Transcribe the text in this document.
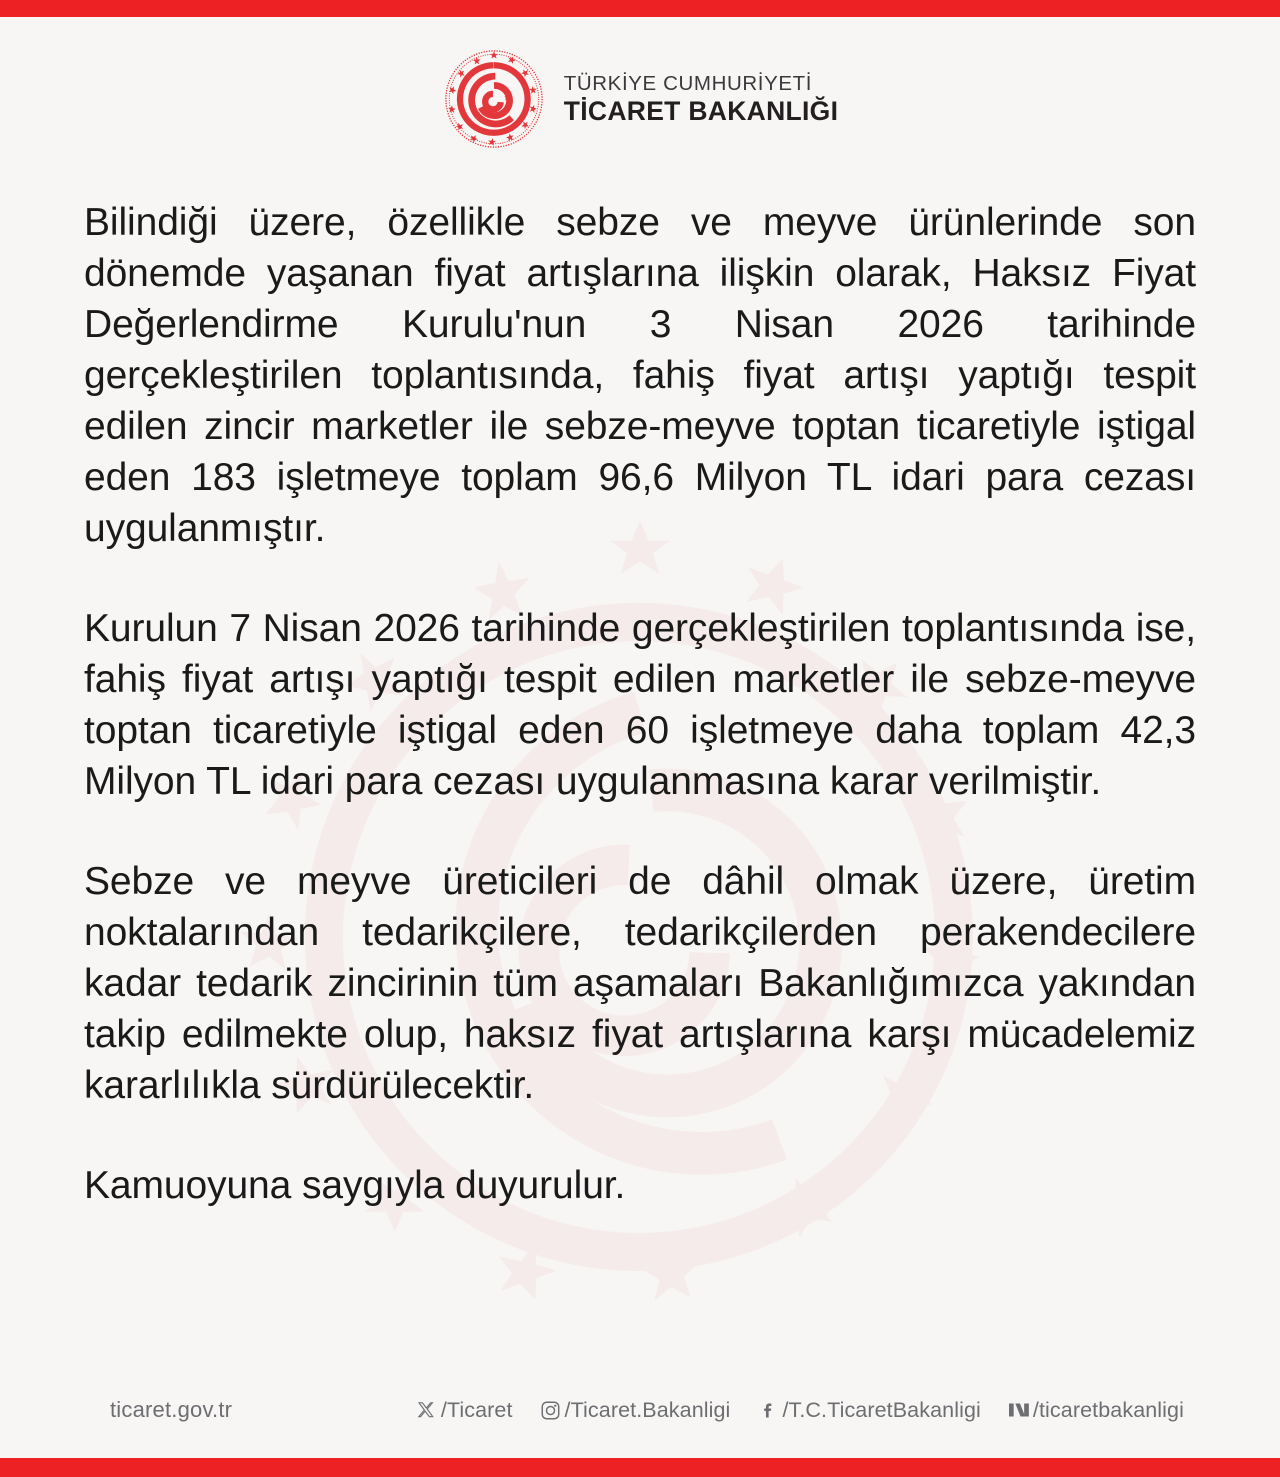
TÜRKİYE CUMHURİYETİ
TİCARET BAKANLIĞI

Bilindiği üzere, özellikle sebze ve meyve ürünlerinde son dönemde yaşanan fiyat artışlarına ilişkin olarak, Haksız Fiyat Değerlendirme Kurulu'nun 3 Nisan 2026 tarihinde gerçekleştirilen toplantısında, fahiş fiyat artışı yaptığı tespit edilen zincir marketler ile sebze-meyve toptan ticaretiyle iştigal eden 183 işletmeye toplam 96,6 Milyon TL idari para cezası uygulanmıştır.

Kurulun 7 Nisan 2026 tarihinde gerçekleştirilen toplantısında ise, fahiş fiyat artışı yaptığı tespit edilen marketler ile sebze-meyve toptan ticaretiyle iştigal eden 60 işletmeye daha toplam 42,3 Milyon TL idari para cezası uygulanmasına karar verilmiştir.

Sebze ve meyve üreticileri de dâhil olmak üzere, üretim noktalarından tedarikçilere, tedarikçilerden perakendecilere kadar tedarik zincirinin tüm aşamaları Bakanlığımızca yakından takip edilmekte olup, haksız fiyat artışlarına karşı mücadelemiz kararlılıkla sürdürülecektir.

Kamuoyuna saygıyla duyurulur.

ticaret.gov.tr	/Ticaret /Ticaret.Bakanligi /T.C.TicaretBakanligi /ticaretbakanligi
